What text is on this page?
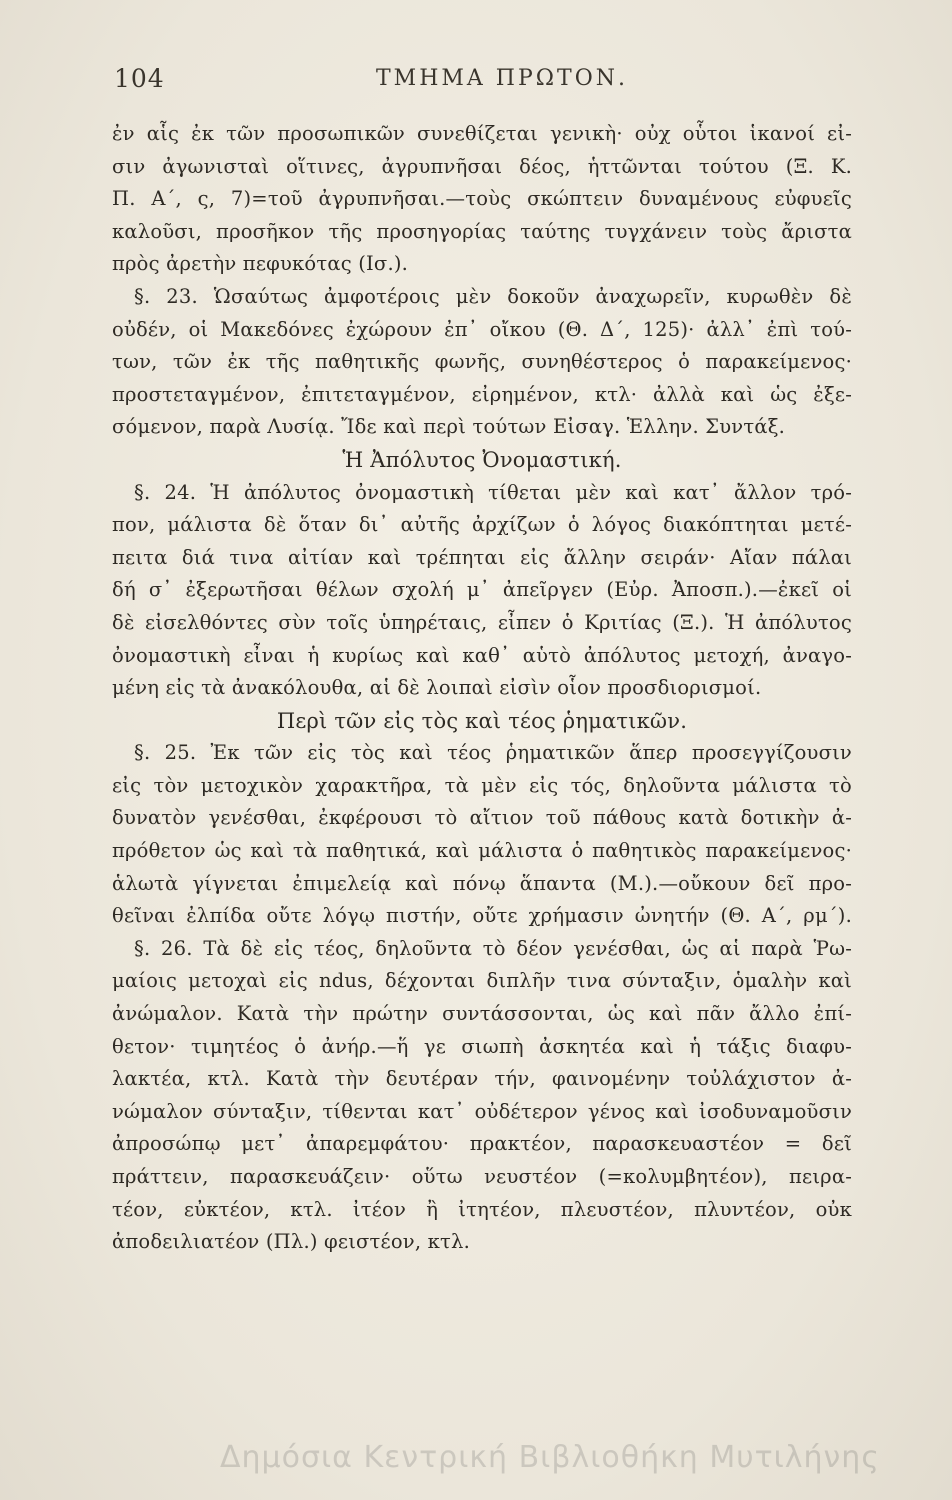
104	ΤΜΗΜΑ ΠΡΩΤΟΝ.
ἐν αἷς ἐκ τῶν προσωπικῶν συνεθίζεται γενικὴ· οὐχ οὗτοι ἱκανοί εἰ-
σιν ἀγωνισταὶ οἵτινες, ἀγρυπνῆσαι δέος, ἡττῶνται τούτου (Ξ. Κ.
Π. Α΄, ς, 7)=τοῦ ἀγρυπνῆσαι.—τοὺς σκώπτειν δυναμένους εὐφυεῖς
καλοῦσι, προσῆκον τῆς προσηγορίας ταύτης τυγχάνειν τοὺς ἄριστα
πρὸς ἀρετὴν πεφυκότας (Ισ.).
§. 23. Ὡσαύτως ἀμφοτέροις μὲν δοκοῦν ἀναχωρεῖν, κυρωθὲν δὲ
οὐδέν, οἱ Μακεδόνες ἐχώρουν ἐπ᾽ οἴκου (Θ. Δ΄, 125)· ἀλλ᾽ ἐπὶ τού-
των, τῶν ἐκ τῆς παθητικῆς φωνῆς, συνηθέστερος ὁ παρακείμενος·
προστεταγμένον, ἐπιτεταγμένον, εἰρημένον, κτλ· ἀλλὰ καὶ ὡς ἐξε-
σόμενον, παρὰ Λυσίᾳ. Ἴδε καὶ περὶ τούτων Εἰσαγ. Ἑλλην. Συντάξ.
Ἡ Ἀπόλυτος Ὀνομαστική.
§. 24. Ἡ ἀπόλυτος ὀνομαστικὴ τίθεται μὲν καὶ κατ᾽ ἄλλον τρό-
πον, μάλιστα δὲ ὅταν δι᾽ αὐτῆς ἀρχίζων ὁ λόγος διακόπτηται μετέ-
πειτα διά τινα αἰτίαν καὶ τρέπηται εἰς ἄλλην σειράν· Αἴαν πάλαι
δή σ᾽ ἐξερωτῆσαι θέλων σχολή μ᾽ ἀπεῖργεν (Εὐρ. Ἀποσπ.).—ἐκεῖ οἱ
δὲ εἰσελθόντες σὺν τοῖς ὑπηρέταις, εἶπεν ὁ Κριτίας (Ξ.). Ἡ ἀπόλυτος
ὀνομαστικὴ εἶναι ἡ κυρίως καὶ καθ᾽ αὑτὸ ἀπόλυτος μετοχή, ἀναγο-
μένη εἰς τὰ ἀνακόλουθα, αἱ δὲ λοιπαὶ εἰσὶν οἷον προσδιορισμοί.
Περὶ τῶν εἰς τὸς καὶ τέος ῥηματικῶν.
§. 25. Ἐκ τῶν εἰς τὸς καὶ τέος ῥηματικῶν ἅπερ προσεγγίζουσιν
εἰς τὸν μετοχικὸν χαρακτῆρα, τὰ μὲν εἰς τός, δηλοῦντα μάλιστα τὸ
δυνατὸν γενέσθαι, ἐκφέρουσι τὸ αἴτιον τοῦ πάθους κατὰ δοτικὴν ἀ-
πρόθετον ὡς καὶ τὰ παθητικά, καὶ μάλιστα ὁ παθητικὸς παρακείμενος·
ἁλωτὰ γίγνεται ἐπιμελείᾳ καὶ πόνῳ ἅπαντα (Μ.).—οὔκουν δεῖ προ-
θεῖναι ἐλπίδα οὔτε λόγῳ πιστήν, οὔτε χρήμασιν ὠνητήν (Θ. Α΄, ρμ΄).
§. 26. Τὰ δὲ εἰς τέος, δηλοῦντα τὸ δέον γενέσθαι, ὡς αἱ παρὰ Ῥω-
μαίοις μετοχαὶ εἰς ndus, δέχονται διπλῆν τινα σύνταξιν, ὁμαλὴν καὶ
ἀνώμαλον. Κατὰ τὴν πρώτην συντάσσονται, ὡς καὶ πᾶν ἄλλο ἐπί-
θετον· τιμητέος ὁ ἀνήρ.—ἥ γε σιωπὴ ἀσκητέα καὶ ἡ τάξις διαφυ-
λακτέα, κτλ. Κατὰ τὴν δευτέραν τήν, φαινομένην τοὐλάχιστον ἀ-
νώμαλον σύνταξιν, τίθενται κατ᾽ οὐδέτερον γένος καὶ ἰσοδυναμοῦσιν
ἀπροσώπῳ μετ᾽ ἀπαρεμφάτου· πρακτέον, παρασκευαστέον = δεῖ
πράττειν, παρασκευάζειν· οὕτω νευστέον (=κολυμβητέον), πειρα-
τέον, εὐκτέον, κτλ. ἰτέον ἢ ἰτητέον, πλευστέον, πλυντέον, οὐκ
ἀποδειλιατέον (Πλ.) φειστέον, κτλ.
Δημόσια Κεντρική Βιβλιοθήκη Μυτιλήνης
